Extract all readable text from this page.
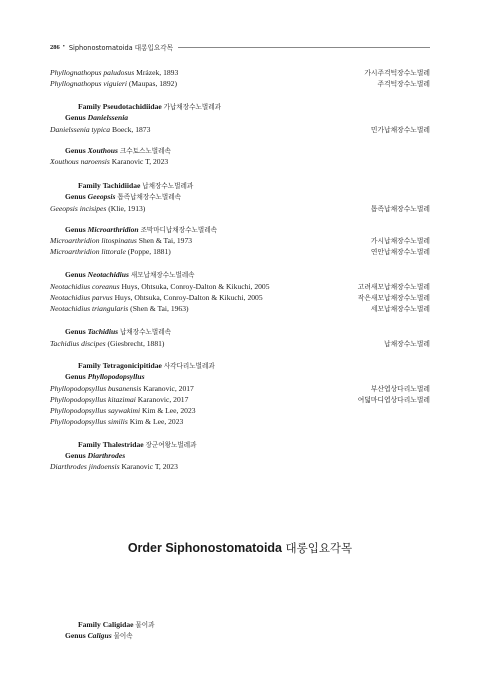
286 • Siphonostomatoida 대롱입요각목
Phyllognathopus paludosus Mrázek, 1893	가시주걱턱장수노벌레
Phyllognathopus viguieri (Maupas, 1892)	주걱턱장수노벌레
Family Pseudotachidiidae 가납채장수노벌레과
Genus Danielssenia
Danielssenia typica Boeck, 1873	민가납채장수노벌레
Genus Xouthous 크수토스노벌레속
Xouthous naroensis Karanovic T, 2023
Family Tachidiidae 납채장수노벌레과
Genus Geeopsis 톱족납채장수노벌레속
Geeopsis incisipes (Klie, 1913)	톱족납채장수노벌레
Genus Microarthridion 조막마디납채장수노벌레속
Microarthridion litospinatus Shen & Tai, 1973	가시납채장수노벌레
Microarthridion littorale (Poppe, 1881)	연안납채장수노벌레
Genus Neotachidius 새모납채장수노벌레속
Neotachidius coreanus Huys, Ohtsuka, Conroy-Dalton & Kikuchi, 2005	고려새모납채장수노벌레
Neotachidius parvus Huys, Ohtsuka, Conroy-Dalton & Kikuchi, 2005	작은새모납채장수노벌레
Neotachidius triangularis (Shen & Tai, 1963)	세모납채장수노벌레
Genus Tachidius 납채장수노벌레속
Tachidius discipes (Giesbrecht, 1881)	납채장수노벌레
Family Tetragonicipitidae 사각다리노벌레과
Genus Phyllopodopsyllus
Phyllopodopsyllus busanensis Karanovic, 2017	부산엽상다리노벌레
Phyllopodopsyllus kitazimai Karanovic, 2017	여덟마디엽상다리노벌레
Phyllopodopsyllus saywakimi Kim & Lee, 2023
Phyllopodopsyllus similis Kim & Lee, 2023
Family Thalestridae 장군여왕노벌레과
Genus Diarthrodes
Diarthrodes jindoensis Karanovic T, 2023
Order Siphonostomatoida 대롱입요각목
Family Caligidae 물이과
Genus Caligus 물이속
